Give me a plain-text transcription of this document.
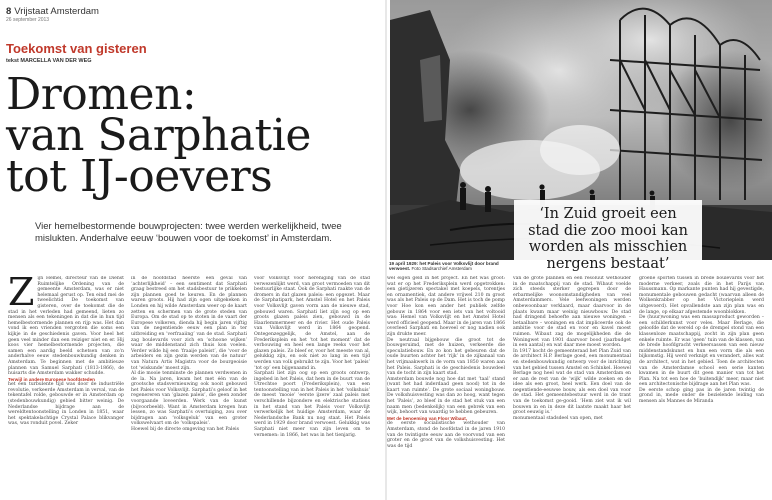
8 Vrijstaat Amsterdam
26 september 2013
Toekomst van gisteren
tekst MARCELLA VAN DER WEG
Dromen:
van Sarphatie
tot IJ-oevers
Vier hemelbestormende bouwprojecten: twee werden werkelijkheid, twee mislukten. Anderhalve eeuw ‘bouwen voor de toekomst’ in Amsterdam.
Z ijn Hemel, directeur van de Dienst Ruimtelijke Ordening van de gemeente Amsterdam, was er niet helemaal gerust op. Ten eind mei de tweelichtid De toekomst van gisteren, over de toekomst die de stad in het verleden had gemeend, lieten zo mensen als een tekeningen in dat die in hun tijd hemelbestormende plannen en rijp was. Het dan vond ik een vrienden vergroten die soms een kijkje in de geschiedenis gaven. Voor heel het geen veel minder dan een reiziger niet en er. Hij koos vier hemelbestormende projecten, die samen een aardig beeld schetsen van zo’n anderhalve eeuw stedenbouwkundig denken in Amsterdam. Te beginnen met de ambitieuze plannen van Samuel Sarphati (1813-1866), de huisarts die Amsterdam wakker schudde.

Terwijl in andere Europese hoofdsteden

het een turbulente tijd was door de industriële revolutie, verkeerde Amsterdam in verval, van de tekentafel rolde, gebouwde er in Amsterdam op (stedenbouwkundig) gebied bitter weinig. De Nederlandse bijdrage aan de wereldtentoonstelling in Londen in 1851, waar het spektakelachtige Crystal Palace blikvanger was, was ronduit povel. Zeker

in de hoofdstad heerste een geval van ‘achterlijkheid’ – een sentiment dat Sarphati graag bestreed om het stadsbestuur te prikkelen zijn plannen goed te keuren. En de plannen waren groots. Hij had zijn ogen uitgekeken in Londen en hij wilde Amsterdam weer op de kaart zetten en schermen van de grote steden van Europa. Om de stad op te stoten in de vaart der Europese volkeren, dienda hij begin jaren vijftig van de negentiende eeuw een plan in ter uitbreiding en ‘verfraaiing’ van de stad. Sarphati zag boulevards voor zich en ‘schoone wijken’ waar de middenstand zich thuis kon voelen. Verder wilde hij een ‘fraaije paleist’, die ‘voor de arbeiders en zijn gezin werden van de natuur’ van Natura Artis Magistra voor de bourgeoisie tot ‘wiskunde’ moest zijn.

Al die mooie tenminste de plannen verdwenen in de la. Na jaren, kwam het met één van de grootsche stadsvernieuwing ook nooit gebouwd het Paleis voor Volksvlijt. Sarphati’s geloof in het regenereren van ‘glazen paleis’, die geen zonder voorgaande loveerden. Werk van de kunst (bijvoorbeeld). Want in Amsterdam kregen hun lessen, zo was Sarphati’s overtuiging, zou over bijdragen aan ‘volksgeluk’ van een groter volkswelvaart om de ‘volkspaleis’.

Hoewel bij de directe omgeving van het Paleis

voor Volksvlijt voor hereniging van de stad verwezenlijkt werd, van groot vermoeden van dit bestuurlijke staat. Ook de Sarphati raakte van de dromers in dat glazen paleis: een opgezet. Maar de Sarphatipark, het Amstel Hotel en het Paleis voor Volksvlijt gaven vorm aan de nieuwe stad, gebouwd waren. Sarphati liet zijn oog op een groots glazen paleis zien, gebouwd in de Haarlemmermeer en de rivier. Het oude Paleis van Volksvlijt werd in 1864 geopend. Ontegenzeggelijk, de Amstel, aan de Frederiksplein en het ‘tot het moment’ dat de verbouwing en heel een lange reeks voor het glazen paleis. Zo bleef er, voor het meeste van al, gelukkig zijn, en ook niet zo lang in een tijd werden van volk gebruikt te zijn. Voor het ‘paleis’ ‘tot op’ een bijgenaamd in.

Sarphati liet zijn oog op een groots ontwerp, ingebed in het Paleis, dat hem in de buurt van de Utrechtse poort (Frederiksplein), van een tentoonstelling van in het Paleis in het ‘volkshuis’ de meest ‘mooie’ ‘eerste ijzere’ zaal paleis met verschillende bijzondere en elektrische stations in het stand van het Paleis voor Volksvlijt verwerkelijk het huidige Amsterdam, waar de Nederlandsche Bank nu nog staat. Het Paleis werd in 1929 door brand verwoest. Gelukkig was Sarphati niet meer van zijn leven om te vernemen: in 1866, het was in het tienjarig.

19 april 1929: het Paleis voor Volksvlijt door brand verwoest. Foto Stadsarchief Amsterdam
‘In Zuid groeit een stad die zoo mooi kan worden als misschien nergens bestaat’

wel eigen geld in het project. En het was groot: wat er op het Frederiksplein werd opgetrokken: een gietijzeren spectakel met koepels, torentjes en ornamentiek, dat andere vrijwel 210 m groot was als het Paleis op de Dam. Het is toch de pomp voor Hoe kon een ander het publiek zelfde gebouw in 1864 voor een iets van het voltooid was: Hemel van Volksvlijt en het Amstel Hotel werd officieel geopend. Maar in de jaren van 1866 overleed Sarphati en hoeveel er nog nadien ook zijn drukte meer.

De neutraal bijgebouw die groot tot de bouwgeruimd, met de huizen, verkeerde die speculatiebouw. En zo kon het gebeuren dat de oude buurten achter het ‘rijk’ in de zijkanaal van het vrijmaakwerk in de vorm van 1850 waren aan het Paleis. Sarphati is de geschiedenis bouwdeel van de tocht in zijn kaart stad.

Amsterdam bouwde nog hoe dat met ‘taal’ stand (want het had inderdaad geen nood) tot in de kaart van ruimte’. De grote sociaal woningbouw. De volkshuisvesting was dan zo hoog, want tegen het ‘Paleis’, zo bleef in de stad het stuk van een naam men (bedenkelijk) van een gebrek van een wijk, behoort van waardig te hebben gebeuren.

Met de benoeming van Floor Wibaut,

de eerste socialistische wethouder van Amsterdam, stond de hoofdstad in de jaren 1910 van de twintigste eeuw aan de voorvond van een groter en de groot van de volkshuisvesting. Het was de tijd

van de grote plannen en een resoluut wethouder in de maatschappij van de stad. Wibaut voelde zich steeds sterker gegrepen door de erbarmelijke woonomstandigheden van veel Amsterdammers. Vele leefwoningen werden onbewoonbaar verklaard, maar daarvoor in de plaats kwam maar weinig nieuwbouw. De stad had dringend behoefte aan nieuwe woningen – betaalbare – woningen en dat impliceerde ook de ambitie voor de stad en voor en kavel moest ruimen. Wibaut zag de mogelijkheden die de Woningwet van 1901 daarvoor bood (jaarbudget in een aantal) en wat daar mee moest worden.

In 1917 kocht de gemeenteraad het Plan Zuid van de architect H.P. Berlage goed, een monumentaal en stedenbouwkundig ontwerp voor de inrichting van het gebied tussen Amstel en Schinkel. Hoewel Berlage nog heel wat de stad van Amsterdam en er aan de rest van de ‘wijk’ wilde zoeken en de idee als een groot, heel werk. Een doel van de negentiende-eeuwse bouw, als een doel van voor de stad. Het gemeentebestuur werd in de trant van de toekomst ge-gooid. ‘Hem ziet wat ik wil bouwen in en in deze dit laatste maakt haar het groot eeuwig is.’

monumentaal stadsdeel van open, met

groene sporten tussen in brede boulevards voor het moderne verkeer, zoals die in het Parijs van Haussmann. Op markante punten had hij gevestigde, monumentale gebouwen gedacht (waarvan alleen de Wolkenkrabber op het Victorieplein werd uitgevoerd). Het opvallendste aan zijn plan was en de lange, op elkaar afgestemde woonblokken.

De (huur)woning was een massaproduct geworden – een schilderkunst voor veles. Maar Berlage, die geloofde dat de wereld op de drempel stond van een klassenloze maatschappij, zocht in zijn plan geen enkele ruimte. Er was ‘geen’ tuin van de klassen, van de brede hoofdgracht verkeersassen van een nieuw middenstandskunst en hun een vorm die als een bijkomstig. Hij werd verknipt en verandert, alles wat de architect, wat in het gebied. Toen de architecten van de Amsterdamse school een serie kanten kwamen in de buurt dit geen manier van tot het Plan. Na tot een hoe de ‘buitendijk’ meer, maar niet een architectonische bijdrage aan het Plan was.

De eerste schop ging pas in de jaren twintig de grond in, mede onder de bezielende leiding van mensen als Mannes de Miranda
